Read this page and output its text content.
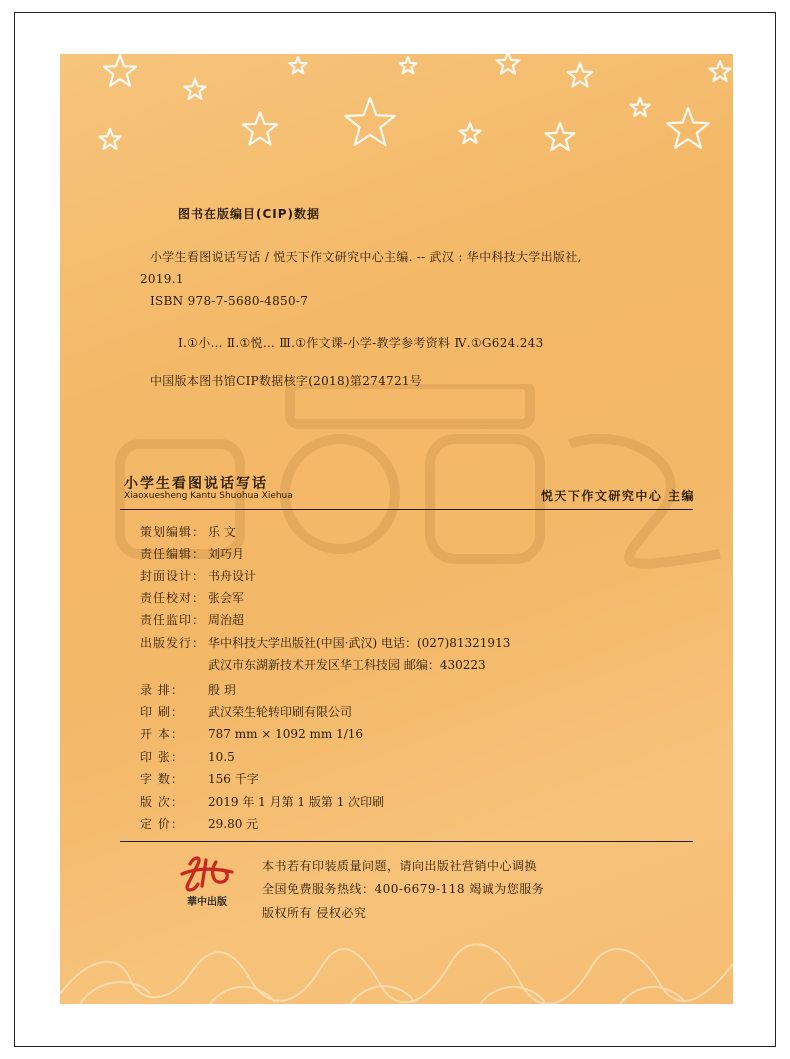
图书在版编目(CIP)数据
小学生看图说话写话 / 悦天下作文研究中心主编. -- 武汉 : 华中科技大学出版社,
2019.1
ISBN 978-7-5680-4850-7
Ⅰ.①小… Ⅱ.①悦… Ⅲ.①作文课-小学-教学参考资料 Ⅳ.①G624.243
中国版本图书馆CIP数据核字(2018)第274721号
小学生看图说话写话
Xiaoxuesheng Kantu Shuohua Xiehua	悦天下作文研究中心 主编
策划编辑： 乐 文
责任编辑： 刘巧月
封面设计： 书舟设计
责任校对： 张会军
责任监印： 周治超
出版发行： 华中科技大学出版社(中国·武汉) 电话：(027)81321913
武汉市东湖新技术开发区华工科技园 邮编：430223
录 排： 殷 玥
印 刷： 武汉荣生轮转印刷有限公司
开 本： 787 mm × 1092 mm 1/16
印 张： 10.5
字 数： 156 千字
版 次： 2019 年 1 月第 1 版第 1 次印刷
定 价： 29.80 元
華中出版
本书若有印装质量问题，请向出版社营销中心调换
全国免费服务热线：400-6679-118 竭诚为您服务
版权所有 侵权必究
